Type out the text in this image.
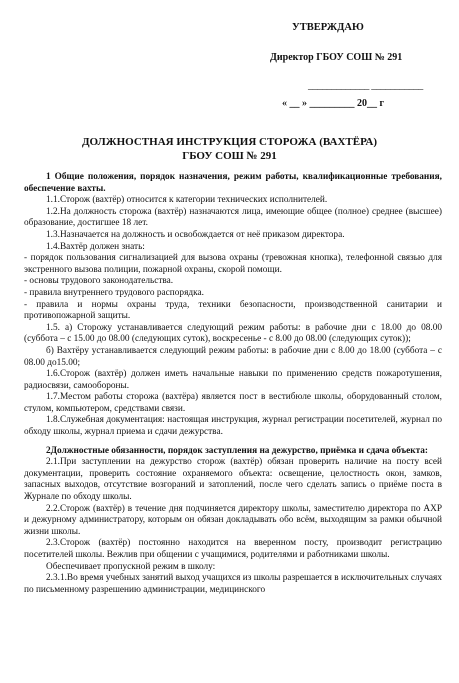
УТВЕРЖДАЮ
Директор ГБОУ СОШ № 291
_____________ ___________
« __ » _________ 20__ г
ДОЛЖНОСТНАЯ ИНСТРУКЦИЯ СТОРОЖА (ВАХТЁРА)
ГБОУ СОШ № 291

1 Общие положения, порядок назначения, режим работы, квалификационные требования, обеспечение вахты.

1.1.Сторож (вахтёр) относится к категории технических исполнителей.

1.2.На должность сторожа (вахтёр) назначаются лица, имеющие общее (полное) среднее (высшее) образование, достигшее 18 лет.

1.3.Назначается на должность и освобождается от неё приказом директора.

1.4.Вахтёр должен знать:

- порядок пользования сигнализацией для вызова охраны (тревожная кнопка), телефонной связью для экстренного вызова полиции, пожарной охраны, скорой помощи.

- основы трудового законодательства.

- правила внутреннего трудового распорядка.

- правила и нормы охраны труда, техники безопасности, производственной санитарии и противопожарной защиты.

1.5. а) Сторожу устанавливается следующий режим работы: в рабочие дни с 18.00 до 08.00 (суббота – с 15.00 до 08.00 (следующих суток), воскресенье - с 8.00 до 08.00 (следующих суток));

б) Вахтёру устанавливается следующий режим работы: в рабочие дни с 8.00 до 18.00 (суббота – с 08.00 до15.00;

1.6.Сторож (вахтёр) должен иметь начальные навыки по применению средств пожаротушения, радиосвязи, самообороны.

1.7.Местом работы сторожа (вахтёра) является пост в вестибюле школы, оборудованный столом, стулом, компьютером, средствами связи.

1.8.Служебная документация: настоящая инструкция, журнал регистрации посетителей, журнал по обходу школы, журнал приема и сдачи дежурства.

2Должностные обязанности, порядок заступления на дежурство, приёмка и сдача объекта:

2.1.При заступлении на дежурство сторож (вахтёр) обязан проверить наличие на посту всей документации, проверить состояние охраняемого объекта: освещение, целостность окон, замков, запасных выходов, отсутствие возгораний и затоплений, после чего сделать запись о приёме поста в Журнале по обходу школы.

2.2.Сторож (вахтёр) в течение дня подчиняется директору школы, заместителю директора по АХР и дежурному администратору, которым он обязан докладывать обо всём, выходящим за рамки обычной жизни школы.

2.3.Сторож (вахтёр) постоянно находится на вверенном посту, производит регистрацию посетителей школы. Вежлив при общении с учащимися, родителями и работниками школы.

Обеспечивает пропускной режим в школу:

2.3.1.Во время учебных занятий выход учащихся из школы разрешается в исключительных случаях по письменному разрешению администрации, медицинского
